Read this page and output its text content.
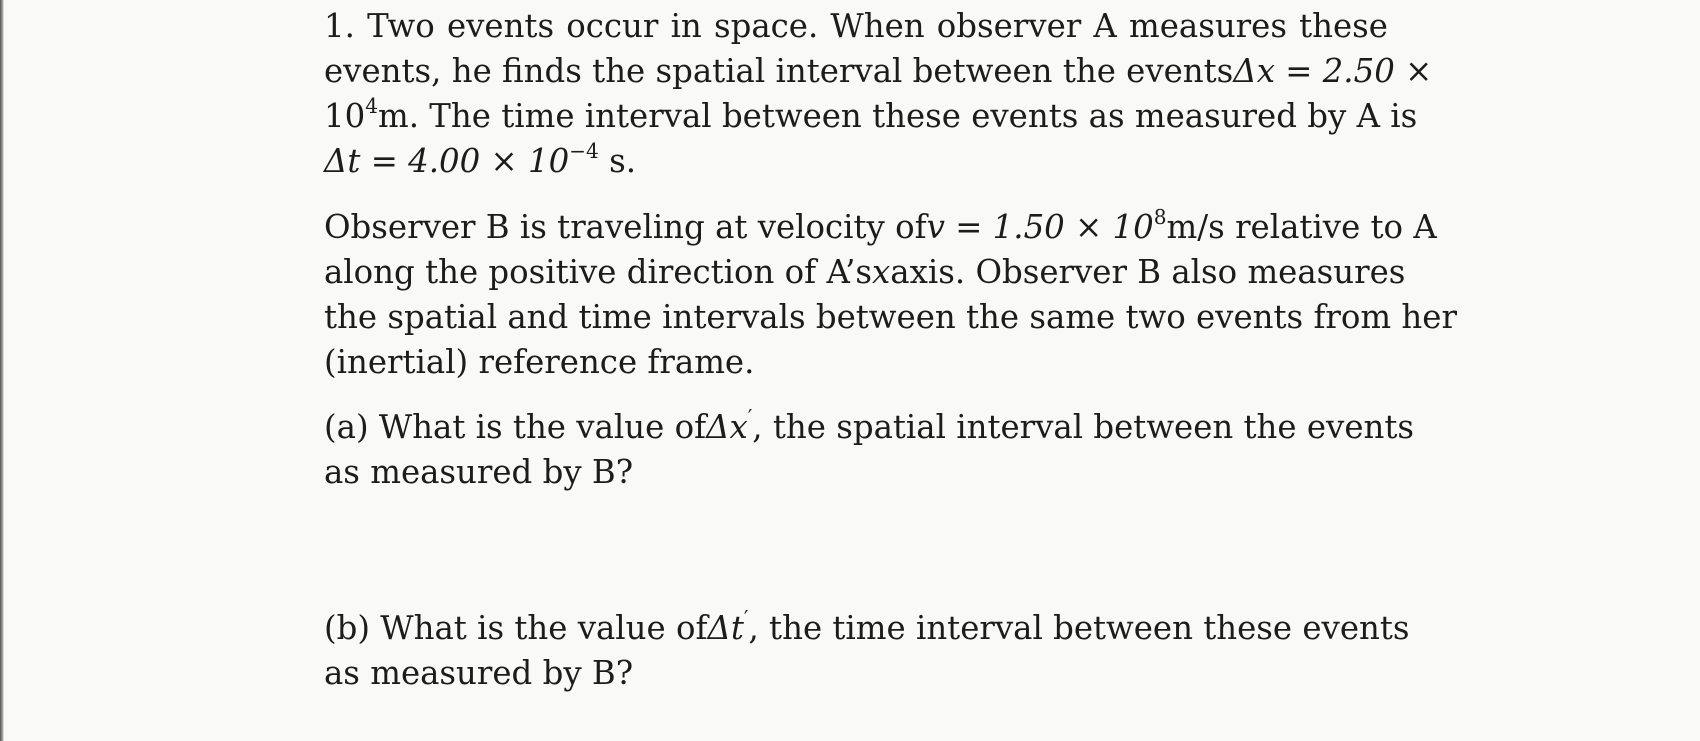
1. Two events occur in space. When observer A measures these
events, he finds the spatial interval between the events Δx = 2.50 ×
$10^4$ m. The time interval between these events as measured by A is
$\Delta t = 4.00 \times 10^{-4}$ s.
Observer B is traveling at velocity of $v = 1.50 \times 10^8$ m/s relative to A
along the positive direction of A’s x axis. Observer B also measures
the spatial and time intervals between the same two events from her
(inertial) reference frame.
(a) What is the value of Δx′, the spatial interval between the events
as measured by B?
(b) What is the value of Δt′, the time interval between these events
as measured by B?
